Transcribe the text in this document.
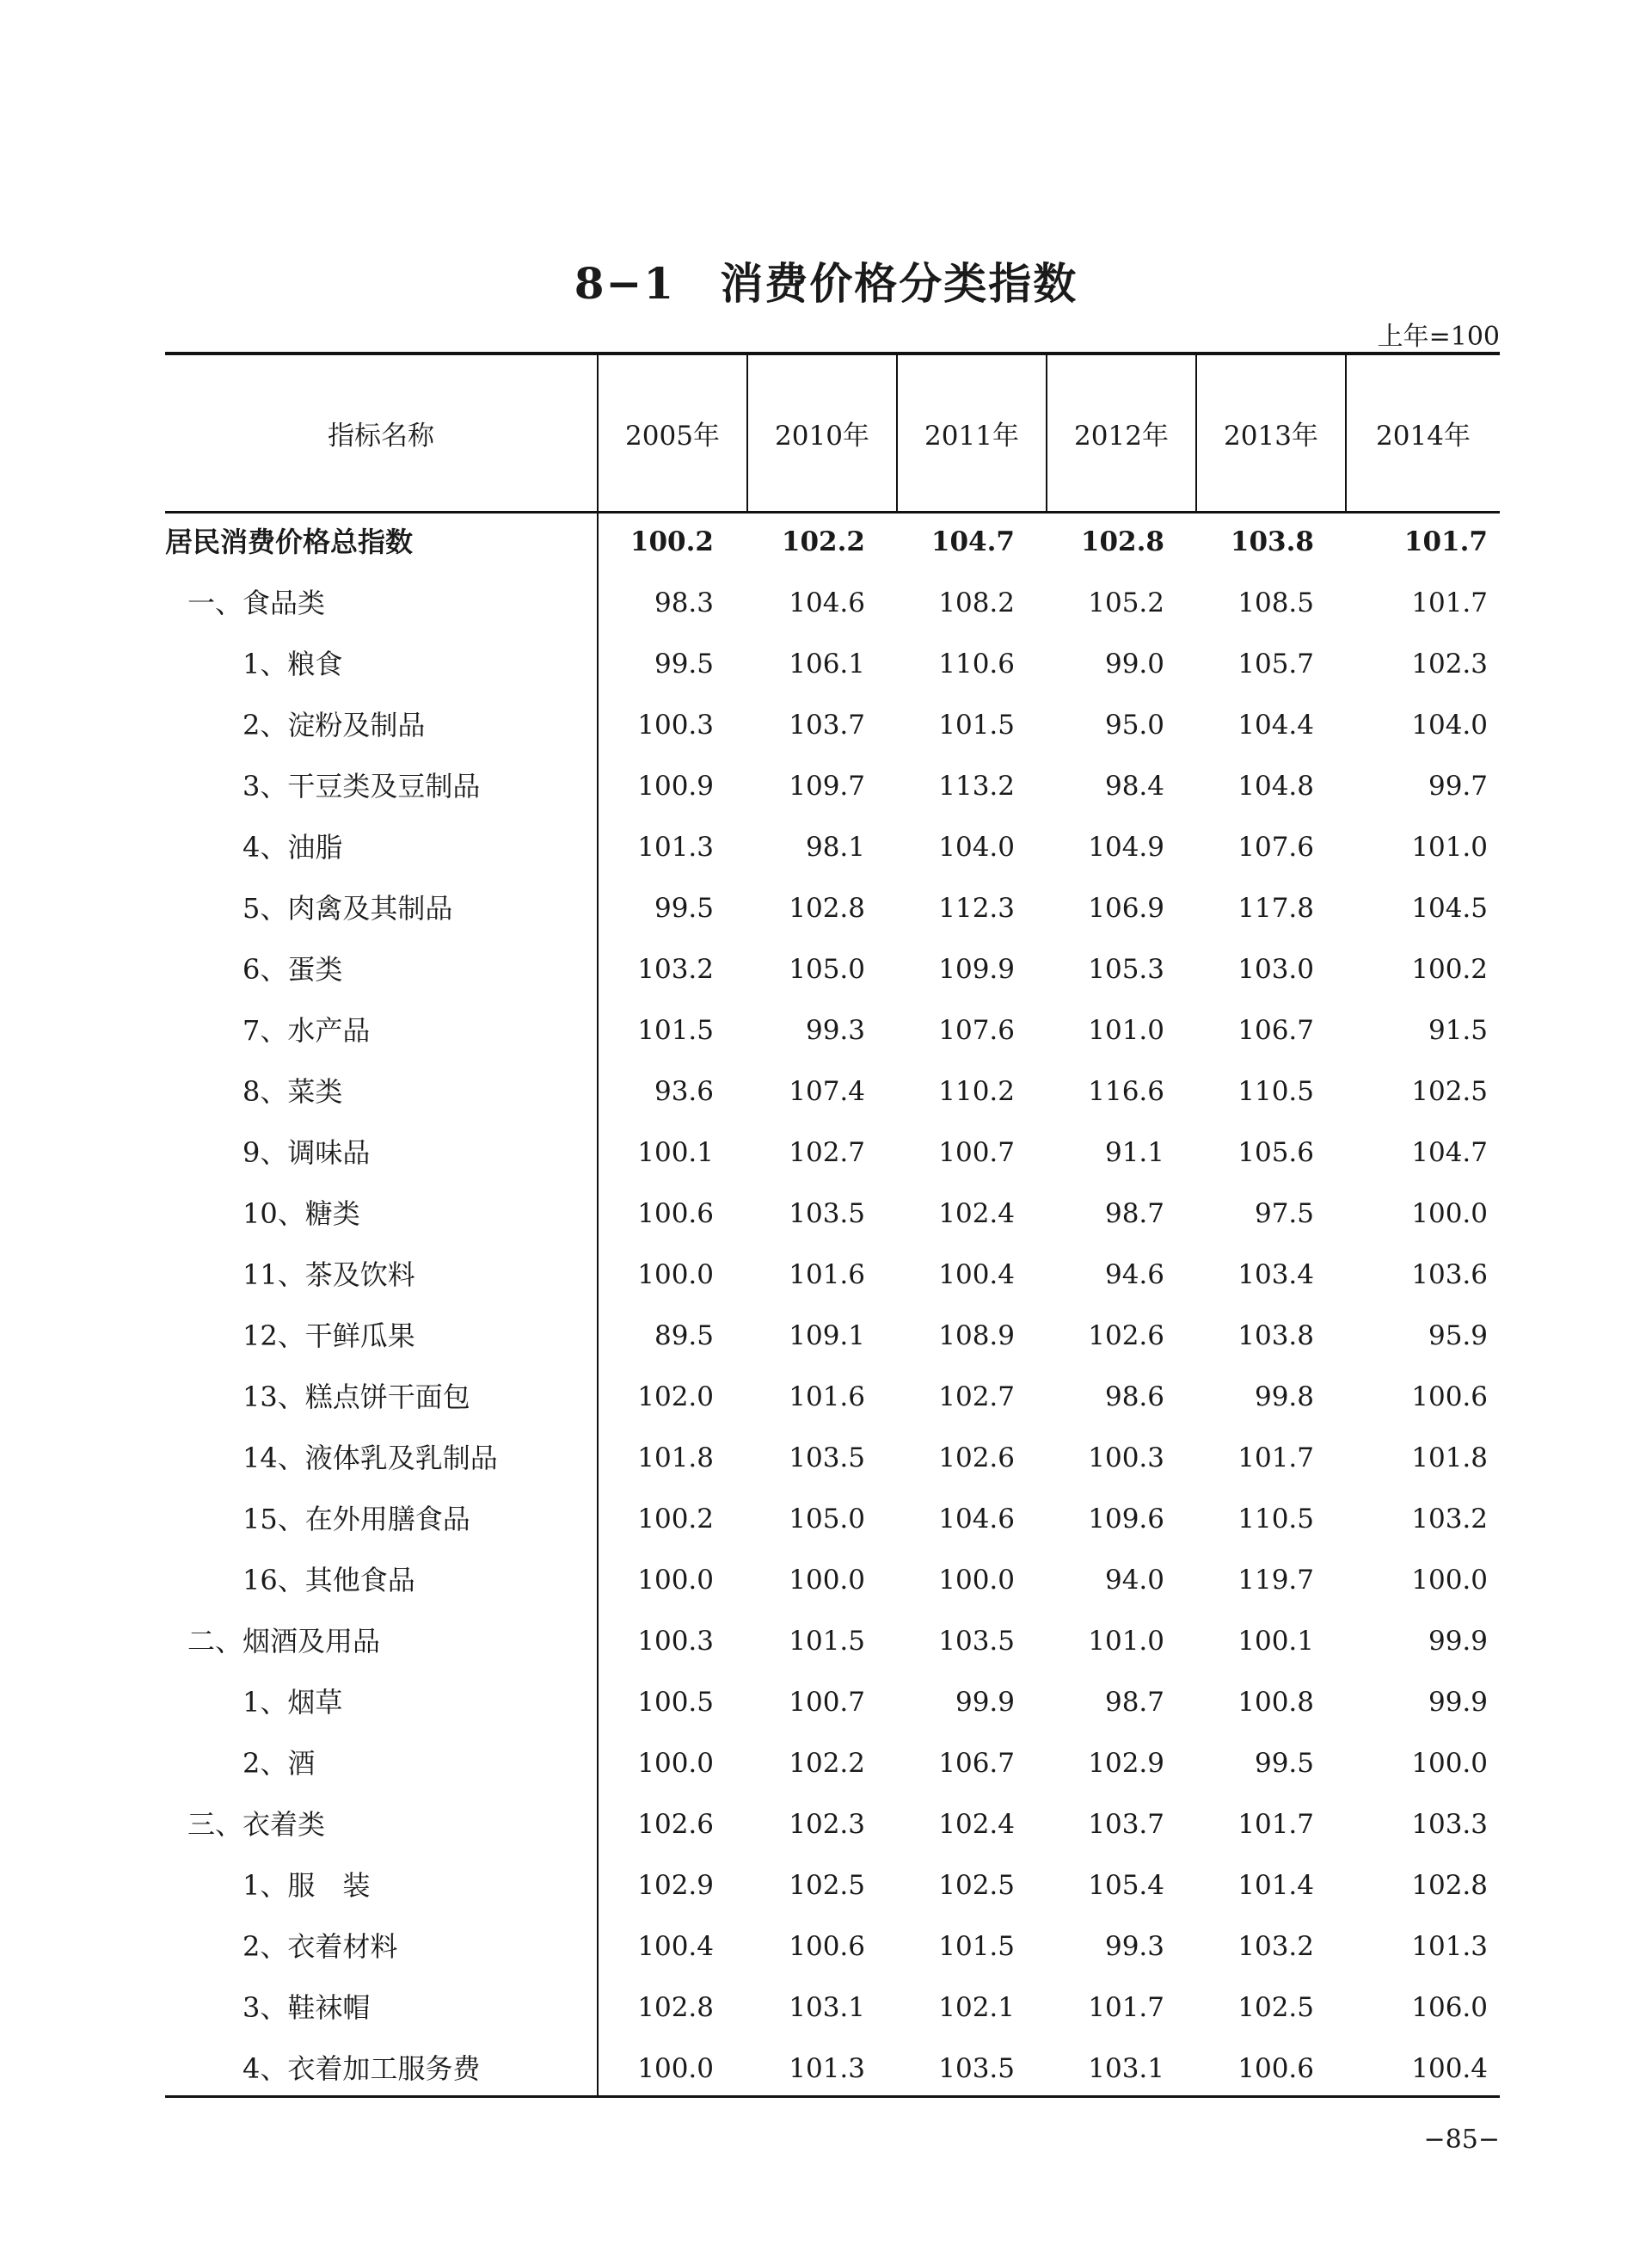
8−1　消费价格分类指数
上年=100
指标名称	2005年	2010年	2011年	2012年	2013年	2014年
居民消费价格总指数	100.2	102.2	104.7	102.8	103.8	101.7
一、食品类	98.3	104.6	108.2	105.2	108.5	101.7
1、粮食	99.5	106.1	110.6	99.0	105.7	102.3
2、淀粉及制品	100.3	103.7	101.5	95.0	104.4	104.0
3、干豆类及豆制品	100.9	109.7	113.2	98.4	104.8	99.7
4、油脂	101.3	98.1	104.0	104.9	107.6	101.0
5、肉禽及其制品	99.5	102.8	112.3	106.9	117.8	104.5
6、蛋类	103.2	105.0	109.9	105.3	103.0	100.2
7、水产品	101.5	99.3	107.6	101.0	106.7	91.5
8、菜类	93.6	107.4	110.2	116.6	110.5	102.5
9、调味品	100.1	102.7	100.7	91.1	105.6	104.7
10、糖类	100.6	103.5	102.4	98.7	97.5	100.0
11、茶及饮料	100.0	101.6	100.4	94.6	103.4	103.6
12、干鲜瓜果	89.5	109.1	108.9	102.6	103.8	95.9
13、糕点饼干面包	102.0	101.6	102.7	98.6	99.8	100.6
14、液体乳及乳制品	101.8	103.5	102.6	100.3	101.7	101.8
15、在外用膳食品	100.2	105.0	104.6	109.6	110.5	103.2
16、其他食品	100.0	100.0	100.0	94.0	119.7	100.0
二、烟酒及用品	100.3	101.5	103.5	101.0	100.1	99.9
1、烟草	100.5	100.7	99.9	98.7	100.8	99.9
2、酒	100.0	102.2	106.7	102.9	99.5	100.0
三、衣着类	102.6	102.3	102.4	103.7	101.7	103.3
1、服　装	102.9	102.5	102.5	105.4	101.4	102.8
2、衣着材料	100.4	100.6	101.5	99.3	103.2	101.3
3、鞋袜帽	102.8	103.1	102.1	101.7	102.5	106.0
4、衣着加工服务费	100.0	101.3	103.5	103.1	100.6	100.4
−85−
